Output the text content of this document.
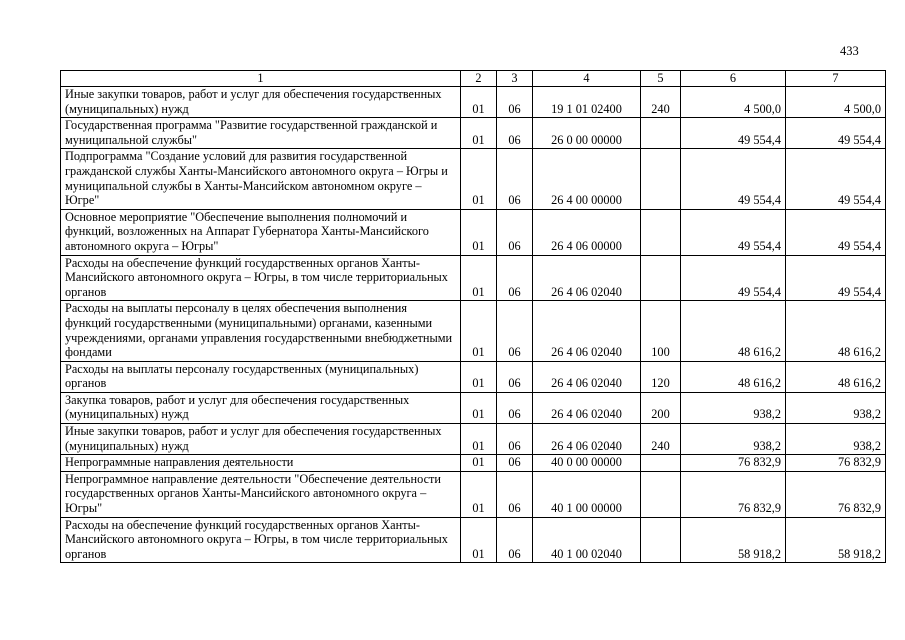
433
1	2	3	4	5	6	7
Иные закупки товаров, работ и услуг для обеспечения государственных (муниципальных) нужд	01	06	19 1 01 02400	240	4 500,0	4 500,0
Государственная программа "Развитие государственной гражданской и муниципальной службы"	01	06	26 0 00 00000		49 554,4	49 554,4
Подпрограмма "Создание условий для развития государственной гражданской службы Ханты-Мансийского автономного округа – Югры и муниципальной службы в Ханты-Мансийском автономном округе – Югре"	01	06	26 4 00 00000		49 554,4	49 554,4
Основное мероприятие "Обеспечение выполнения полномочий и функций, возложенных на Аппарат Губернатора Ханты-Мансийского автономного округа – Югры"	01	06	26 4 06 00000		49 554,4	49 554,4
Расходы на обеспечение функций государственных органов Ханты-Мансийского автономного округа – Югры, в том числе территориальных органов	01	06	26 4 06 02040		49 554,4	49 554,4
Расходы на выплаты персоналу в целях обеспечения выполнения функций государственными (муниципальными) органами, казенными учреждениями, органами управления государственными внебюджетными фондами	01	06	26 4 06 02040	100	48 616,2	48 616,2
Расходы на выплаты персоналу государственных (муниципальных) органов	01	06	26 4 06 02040	120	48 616,2	48 616,2
Закупка товаров, работ и услуг для обеспечения государственных (муниципальных) нужд	01	06	26 4 06 02040	200	938,2	938,2
Иные закупки товаров, работ и услуг для обеспечения государственных (муниципальных) нужд	01	06	26 4 06 02040	240	938,2	938,2
Непрограммные направления деятельности	01	06	40 0 00 00000		76 832,9	76 832,9
Непрограммное направление деятельности "Обеспечение деятельности государственных органов Ханты-Мансийского автономного округа – Югры"	01	06	40 1 00 00000		76 832,9	76 832,9
Расходы на обеспечение функций государственных органов Ханты-Мансийского автономного округа – Югры, в том числе территориальных органов	01	06	40 1 00 02040		58 918,2	58 918,2
